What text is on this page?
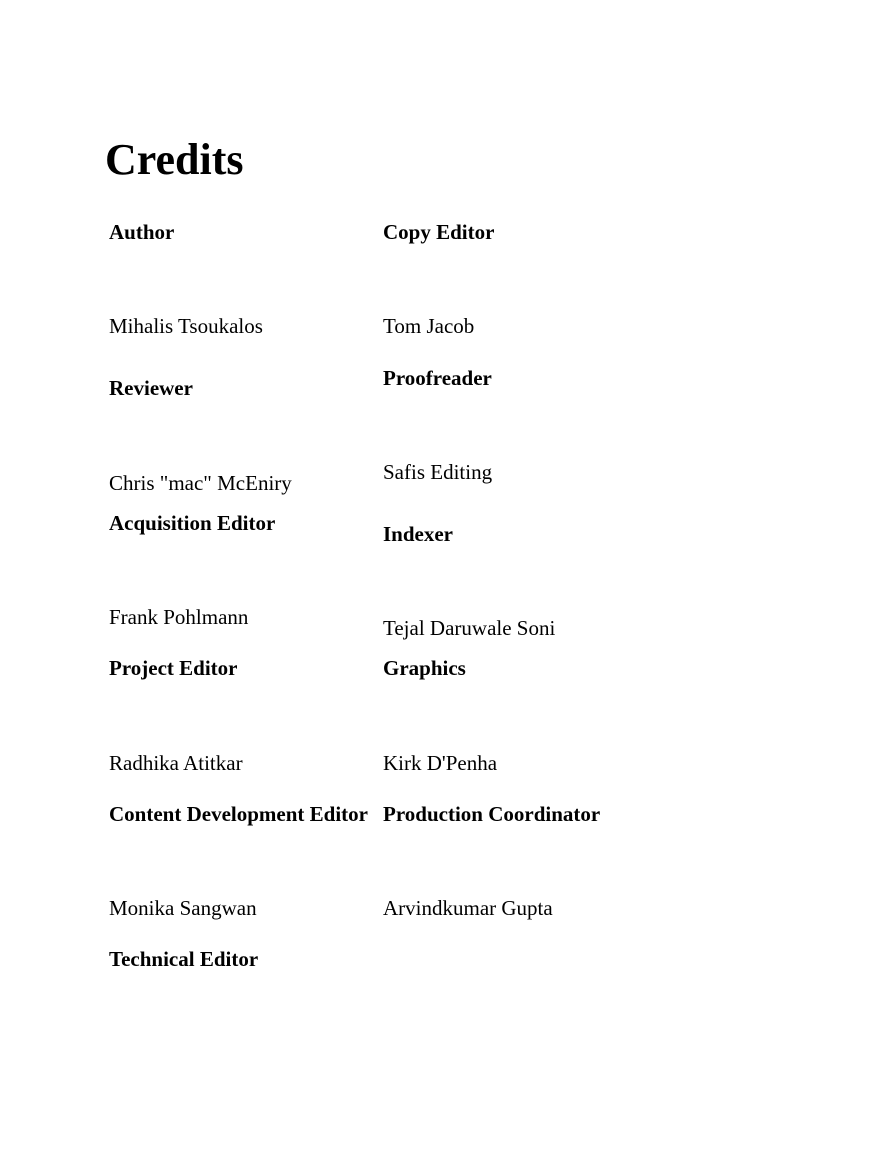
Credits
Author
Mihalis Tsoukalos
Reviewer
Chris "mac" McEniry
Acquisition Editor
Frank Pohlmann
Project Editor
Radhika Atitkar
Content Development Editor
Monika Sangwan
Technical Editor
Copy Editor
Tom Jacob
Proofreader
Safis Editing
Indexer
Tejal Daruwale Soni
Graphics
Kirk D'Penha
Production Coordinator
Arvindkumar Gupta
